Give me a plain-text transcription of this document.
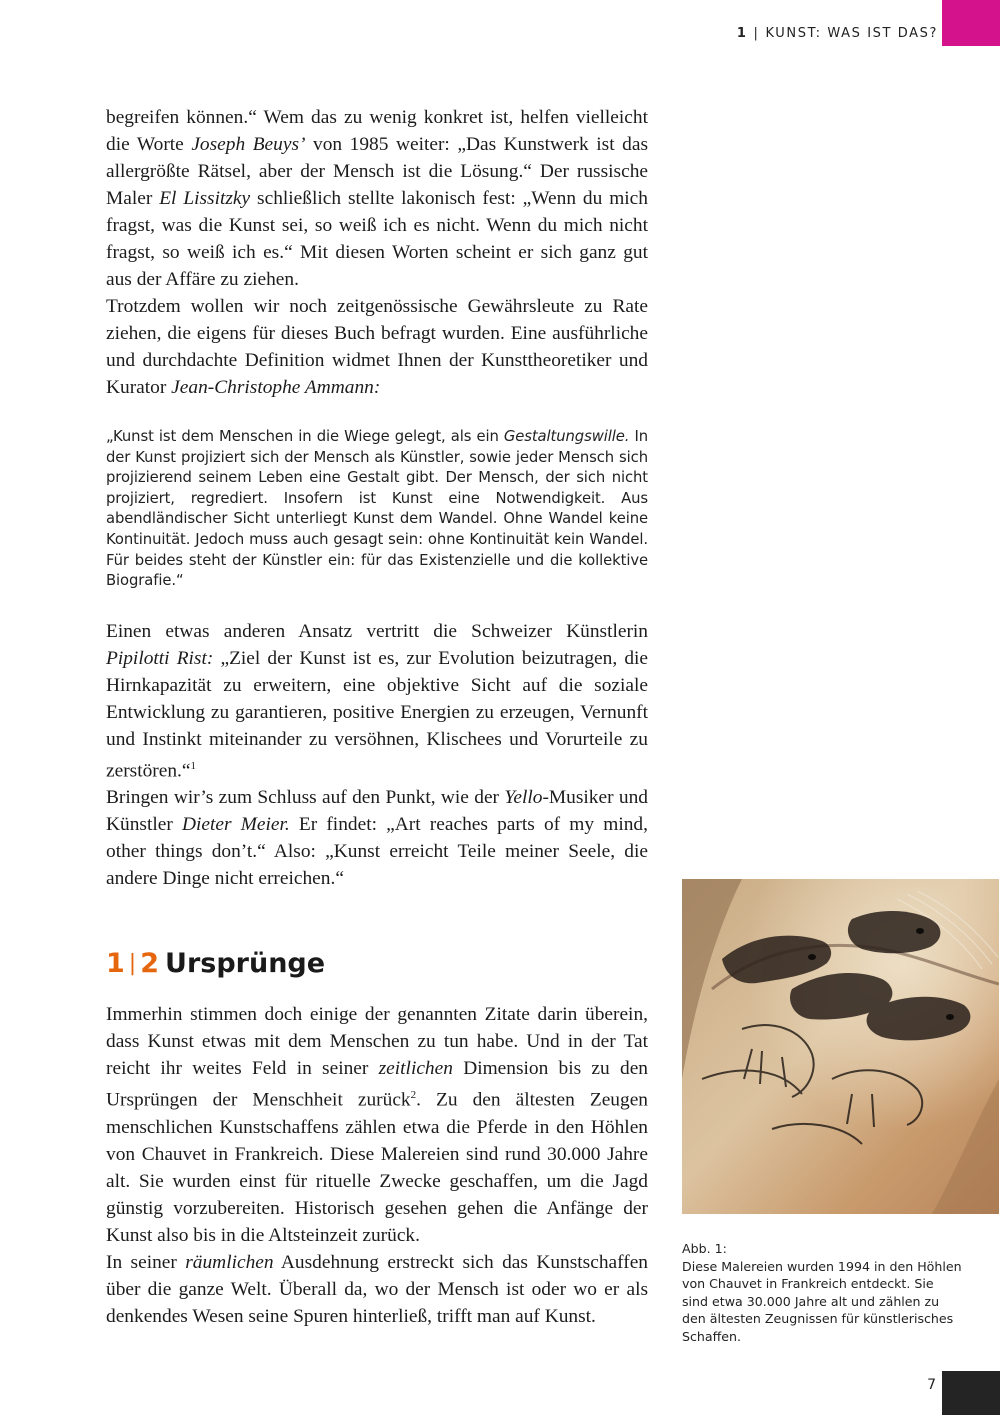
1 | KUNST: WAS IST DAS?

begreifen können.“ Wem das zu wenig konkret ist, helfen vielleicht die Worte Joseph Beuys’ von 1985 weiter: „Das Kunstwerk ist das allergrößte Rätsel, aber der Mensch ist die Lösung.“ Der russische Maler El Lissitzky schließlich stellte lakonisch fest: „Wenn du mich fragst, was die Kunst sei, so weiß ich es nicht. Wenn du mich nicht fragst, so weiß ich es.“ Mit diesen Worten scheint er sich ganz gut aus der Affäre zu ziehen.

Trotzdem wollen wir noch zeitgenössische Gewährsleute zu Rate ziehen, die eigens für dieses Buch befragt wurden. Eine ausführliche und durchdachte Definition widmet Ihnen der Kunsttheoretiker und Kurator Jean-Christophe Ammann:

„Kunst ist dem Menschen in die Wiege gelegt, als ein Gestaltungswille. In der Kunst projiziert sich der Mensch als Künstler, sowie jeder Mensch sich projizierend seinem Leben eine Gestalt gibt. Der Mensch, der sich nicht projiziert, regrediert. Insofern ist Kunst eine Notwendigkeit. Aus abendländischer Sicht unterliegt Kunst dem Wandel. Ohne Wandel keine Kontinuität. Jedoch muss auch gesagt sein: ohne Kontinuität kein Wandel. Für beides steht der Künstler ein: für das Existenzielle und die kollektive Biografie.“

Einen etwas anderen Ansatz vertritt die Schweizer Künstlerin Pipilotti Rist: „Ziel der Kunst ist es, zur Evolution beizutragen, die Hirnkapazität zu erweitern, eine objektive Sicht auf die soziale Entwicklung zu garantieren, positive Energien zu erzeugen, Vernunft und Instinkt miteinander zu versöhnen, Klischees und Vorurteile zu zerstören.“$^1$

Bringen wir’s zum Schluss auf den Punkt, wie der Yello-Musiker und Künstler Dieter Meier. Er findet: „Art reaches parts of my mind, other things don’t.“ Also: „Kunst erreicht Teile meiner Seele, die andere Dinge nicht erreichen.“

1 | 2 Ursprünge

Immerhin stimmen doch einige der genannten Zitate darin überein, dass Kunst etwas mit dem Menschen zu tun habe. Und in der Tat reicht ihr weites Feld in seiner zeitlichen Dimension bis zu den Ursprüngen der Menschheit zurück$^2$. Zu den ältesten Zeugen menschlichen Kunstschaffens zählen etwa die Pferde in den Höhlen von Chauvet in Frankreich. Diese Malereien sind rund 30.000 Jahre alt. Sie wurden einst für rituelle Zwecke geschaffen, um die Jagd günstig vorzubereiten. Historisch gesehen gehen die Anfänge der Kunst also bis in die Altsteinzeit zurück.

In seiner räumlichen Ausdehnung erstreckt sich das Kunstschaffen über die ganze Welt. Überall da, wo der Mensch ist oder wo er als denkendes Wesen seine Spuren hinterließ, trifft man auf Kunst.

Abb. 1:
Diese Malereien wurden 1994 in den Höhlen von Chauvet in Frankreich entdeckt. Sie sind etwa 30.000 Jahre alt und zählen zu den ältesten Zeugnissen für künstlerisches Schaffen.
7
